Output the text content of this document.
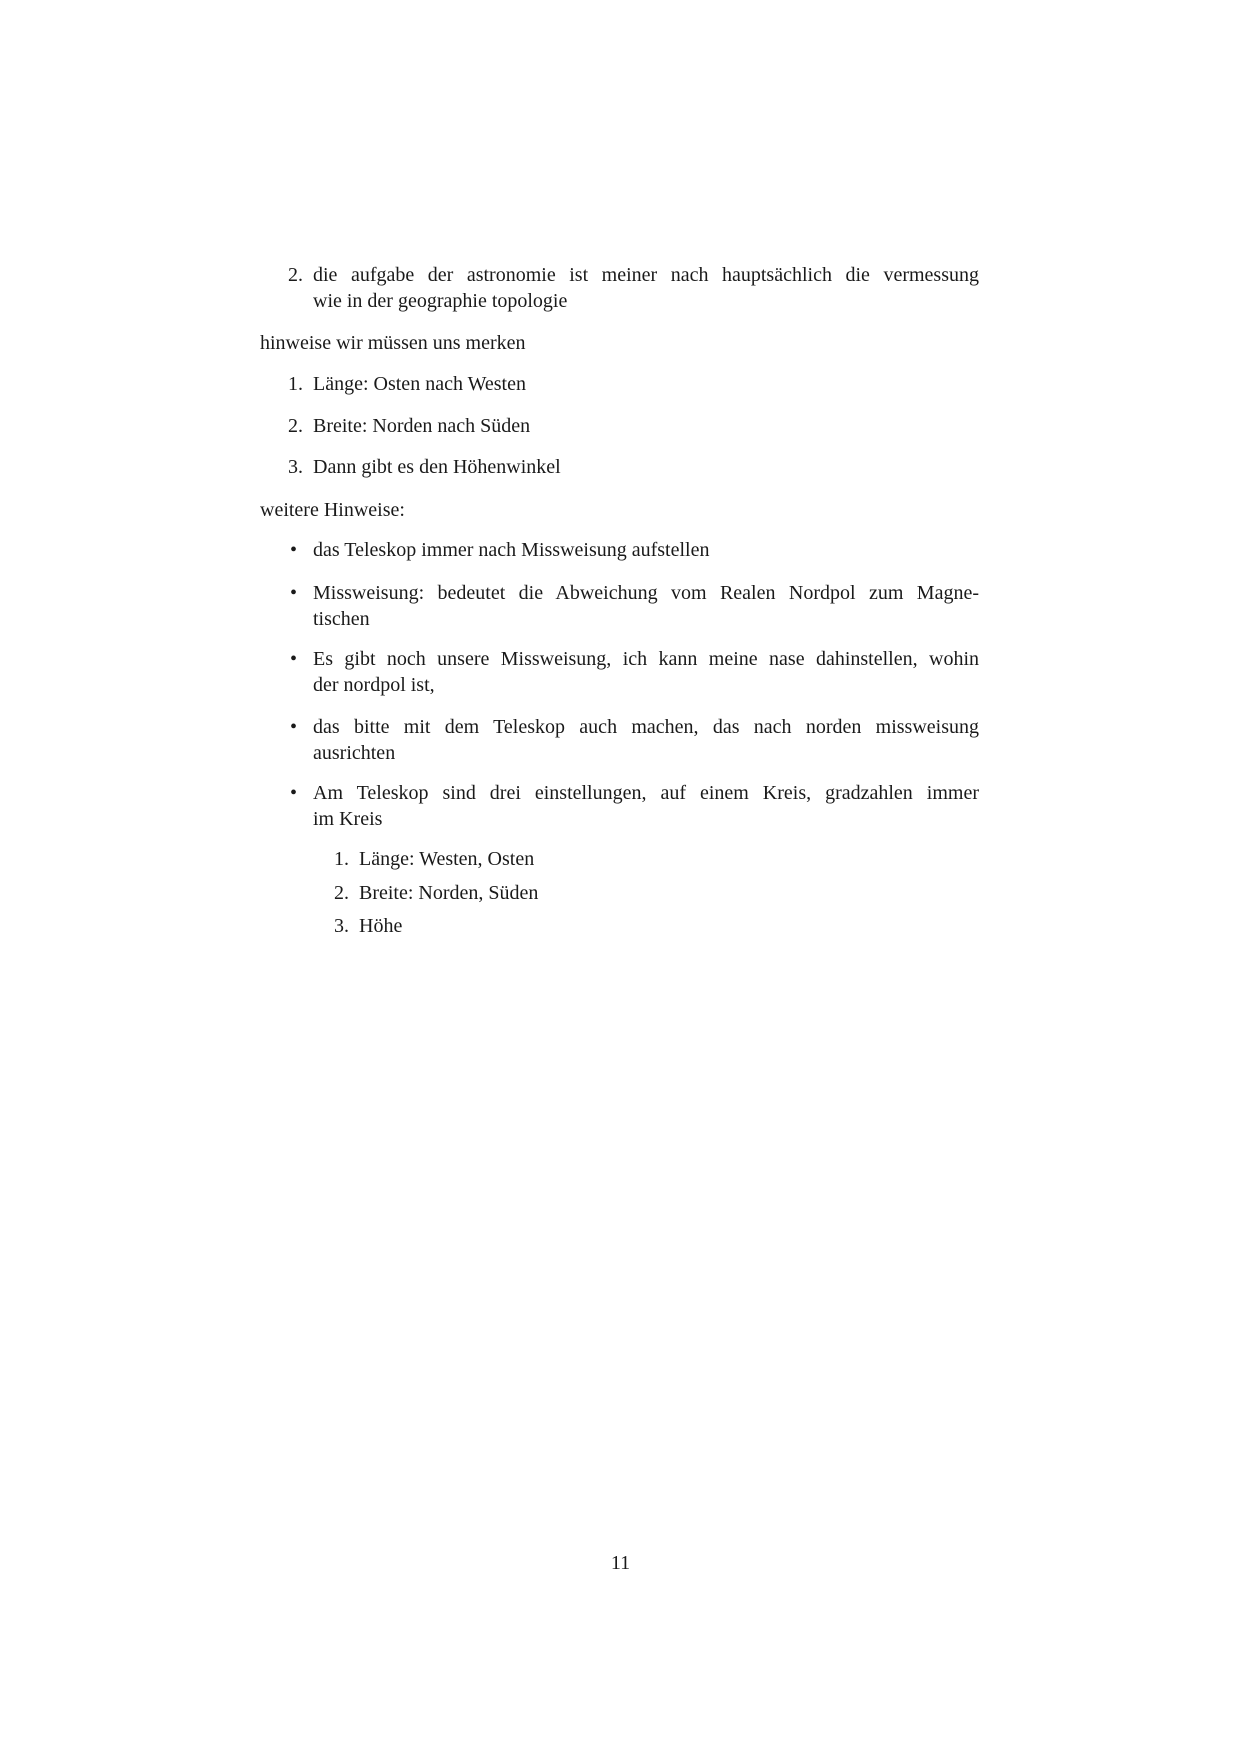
2. die aufgabe der astronomie ist meiner nach hauptsächlich die vermessung
wie in der geographie topologie
hinweise wir müssen uns merken
1. Länge: Osten nach Westen
2. Breite: Norden nach Süden
3. Dann gibt es den Höhenwinkel
weitere Hinweise:
• das Teleskop immer nach Missweisung aufstellen
• Missweisung: bedeutet die Abweichung vom Realen Nordpol zum Magne-
tischen
• Es gibt noch unsere Missweisung, ich kann meine nase dahinstellen, wohin
der nordpol ist,
• das bitte mit dem Teleskop auch machen, das nach norden missweisung
ausrichten
• Am Teleskop sind drei einstellungen, auf einem Kreis, gradzahlen immer
im Kreis
1. Länge: Westen, Osten
2. Breite: Norden, Süden
3. Höhe
11
